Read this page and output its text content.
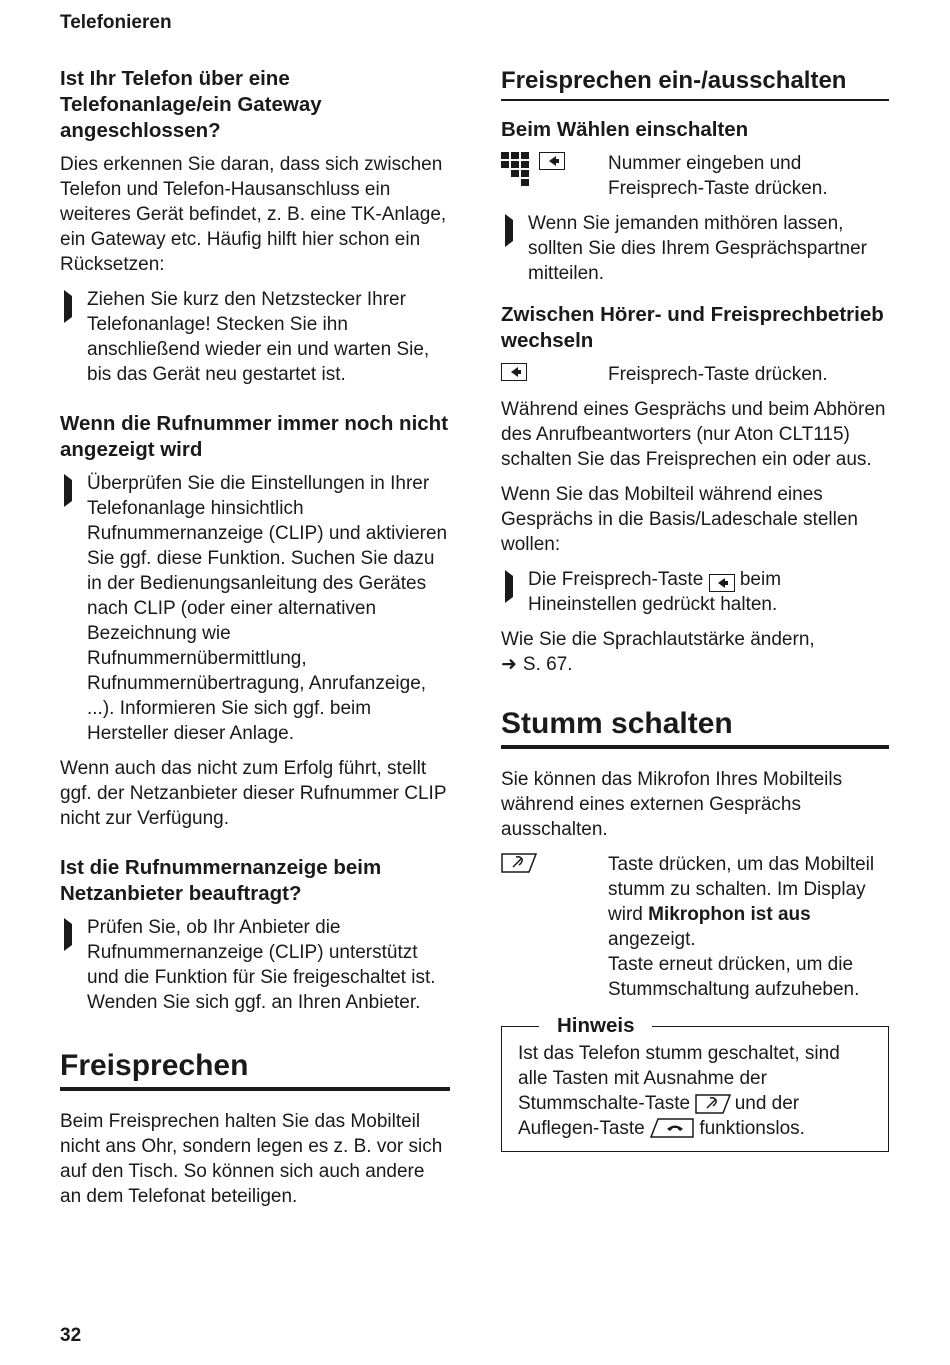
Telefonieren
Ist Ihr Telefon über eine Telefonanlage/ein Gateway angeschlossen?

Dies erkennen Sie daran, dass sich zwischen Telefon und Telefon-Hausanschluss ein weiteres Gerät befindet, z. B. eine TK-Anlage, ein Gateway etc. Häufig hilft hier schon ein Rücksetzen:

Ziehen Sie kurz den Netzstecker Ihrer Telefonanlage! Stecken Sie ihn anschließend wieder ein und warten Sie, bis das Gerät neu gestartet ist.
Wenn die Rufnummer immer noch nicht angezeigt wird
Überprüfen Sie die Einstellungen in Ihrer Telefonanlage hinsichtlich Rufnummernanzeige (CLIP) und aktivieren Sie ggf. diese Funktion. Suchen Sie dazu in der Bedienungsanleitung des Gerätes nach CLIP (oder einer alternativen Bezeichnung wie Rufnummernübermittlung, Rufnummernübertragung, Anrufanzeige, ...). Informieren Sie sich ggf. beim Hersteller dieser Anlage.

Wenn auch das nicht zum Erfolg führt, stellt ggf. der Netzanbieter dieser Rufnummer CLIP nicht zur Verfügung.

Ist die Rufnummernanzeige beim Netzanbieter beauftragt?
Prüfen Sie, ob Ihr Anbieter die Rufnummernanzeige (CLIP) unterstützt und die Funktion für Sie freigeschaltet ist. Wenden Sie sich ggf. an Ihren Anbieter.
Freisprechen

Beim Freisprechen halten Sie das Mobilteil nicht ans Ohr, sondern legen es z. B. vor sich auf den Tisch. So können sich auch andere an dem Telefonat beteiligen.

Freisprechen ein-/ausschalten
Beim Wählen einschalten
Nummer eingeben und Freisprech-Taste drücken.
Wenn Sie jemanden mithören lassen, sollten Sie dies Ihrem Gesprächspartner mitteilen.
Zwischen Hörer- und Freisprechbetrieb wechseln
Freisprech-Taste drücken.

Während eines Gesprächs und beim Abhören des Anrufbeantworters (nur Aton CLT115) schalten Sie das Freisprechen ein oder aus.

Wenn Sie das Mobilteil während eines Gesprächs in die Basis/Ladeschale stellen wollen:

Die Freisprech-Taste beim Hineinstellen gedrückt halten.

Wie Sie die Sprachlautstärke ändern,
➜ S. 67.

Stumm schalten

Sie können das Mikrofon Ihres Mobilteils während eines externen Gesprächs ausschalten.

Taste drücken, um das Mobilteil stumm zu schalten. Im Display wird Mikrophon ist aus angezeigt.
Taste erneut drücken, um die Stummschaltung aufzuheben.
Hinweis

Ist das Telefon stumm geschaltet, sind alle Tasten mit Ausnahme der Stummschalte-Taste und der Auflegen-Taste	funktionslos.

32
